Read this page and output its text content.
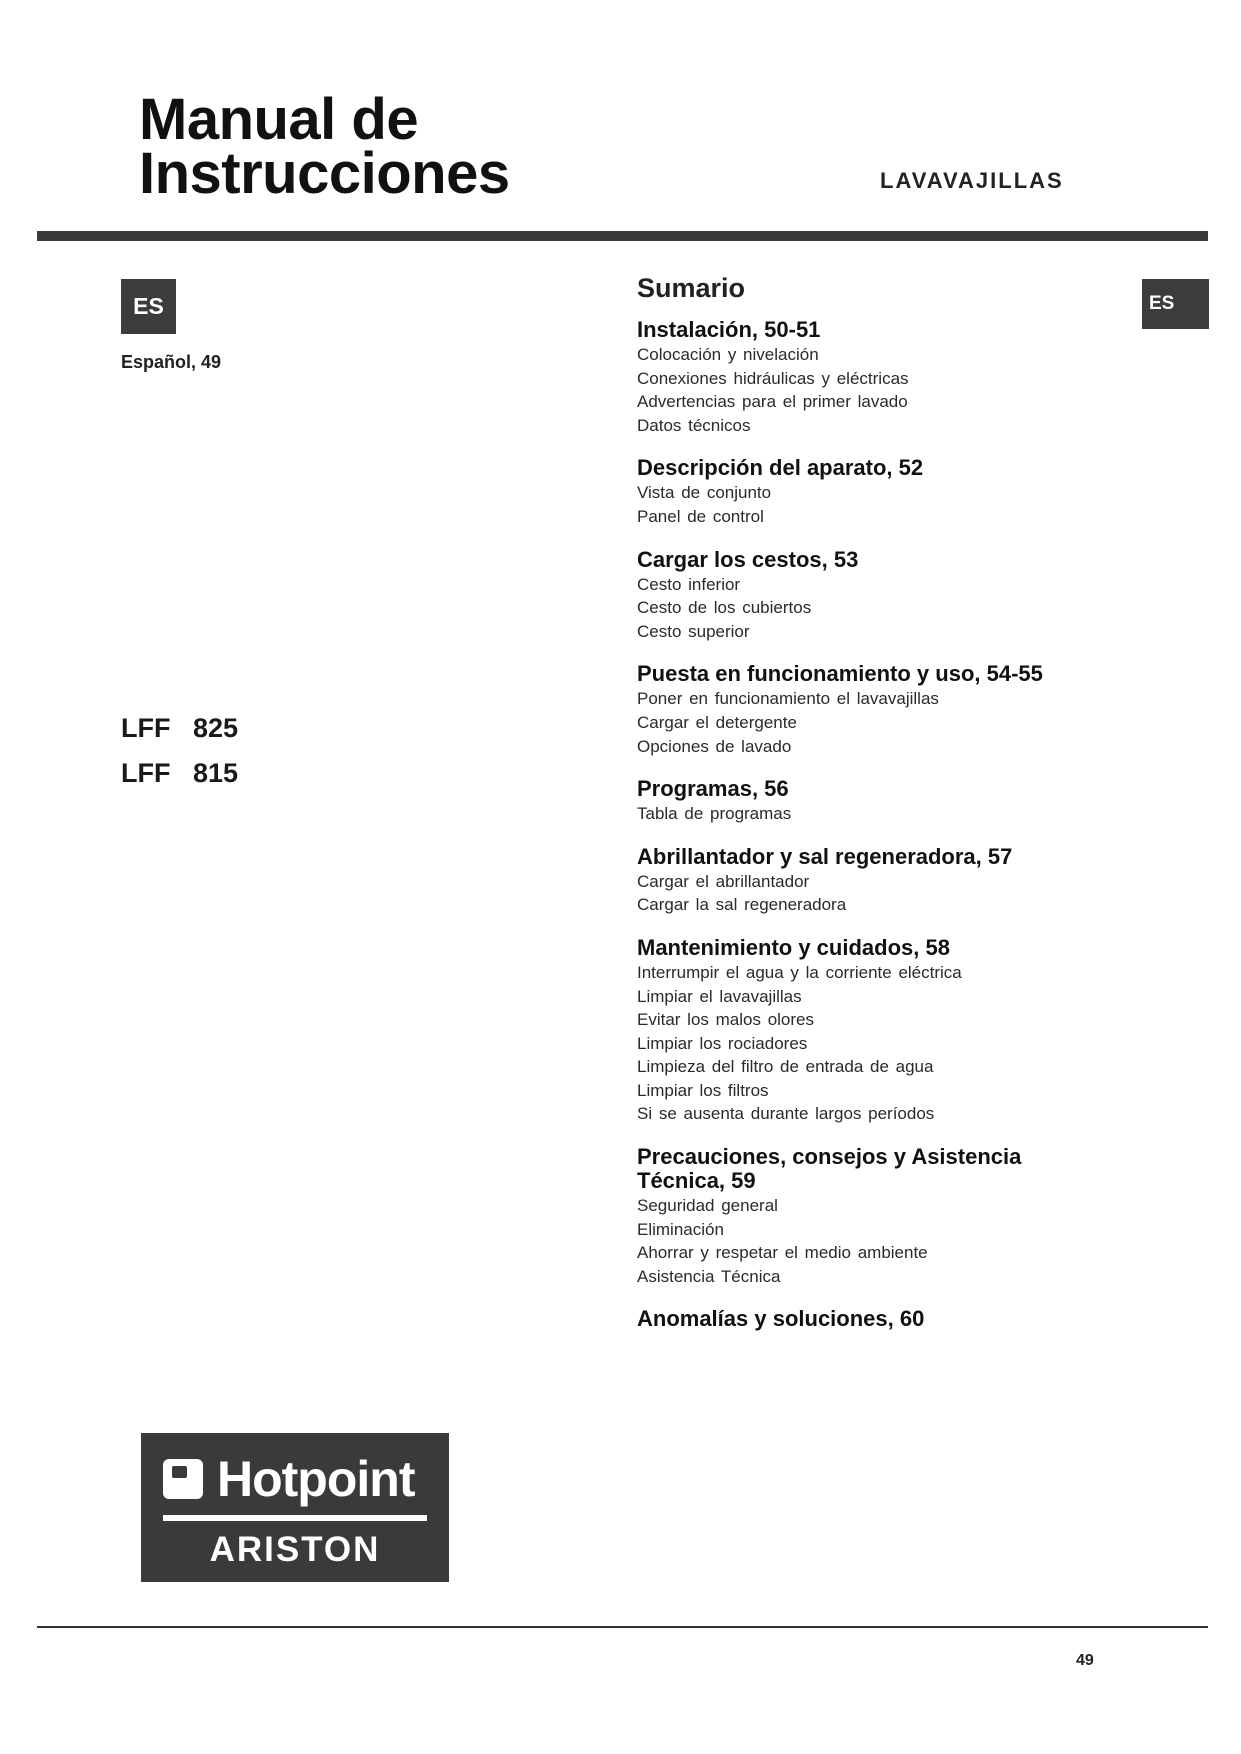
Manual de
Instrucciones	LAVAVAJILLAS
ES
Español, 49
ES
LFF   825
LFF   815
Hotpoint
ARISTON
Sumario
Instalación, 50-51
Colocación y nivelación
Conexiones hidráulicas y eléctricas
Advertencias para el primer lavado
Datos técnicos
Descripción del aparato, 52
Vista de conjunto
Panel de control
Cargar los cestos, 53
Cesto inferior
Cesto de los cubiertos
Cesto superior
Puesta en funcionamiento y uso, 54-55
Poner en funcionamiento el lavavajillas
Cargar el detergente
Opciones de lavado
Programas, 56
Tabla de programas
Abrillantador y sal regeneradora, 57
Cargar el abrillantador
Cargar la sal regeneradora
Mantenimiento y cuidados, 58
Interrumpir el agua y la corriente eléctrica
Limpiar el lavavajillas
Evitar los malos olores
Limpiar los rociadores
Limpieza del filtro de entrada de agua
Limpiar los filtros
Si se ausenta durante largos períodos
Precauciones, consejos y Asistencia Técnica, 59
Seguridad general
Eliminación
Ahorrar y respetar el medio ambiente
Asistencia Técnica
Anomalías y soluciones, 60
49
